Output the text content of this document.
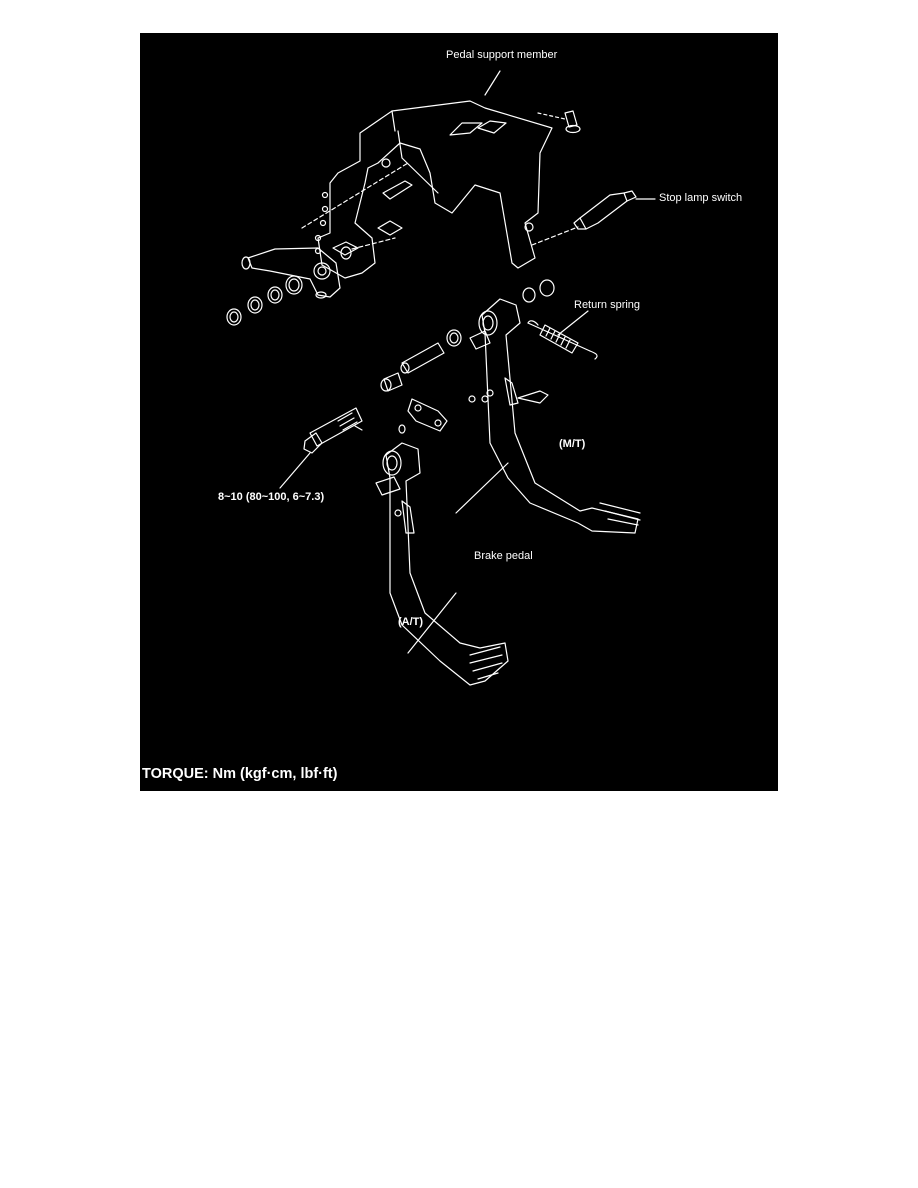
Pedal support member
Stop lamp switch
Return spring
(M/T)
8~10 (80~100, 6~7.3)
Brake pedal
(A/T)
TORQUE: Nm (kgf·cm, lbf·ft)
